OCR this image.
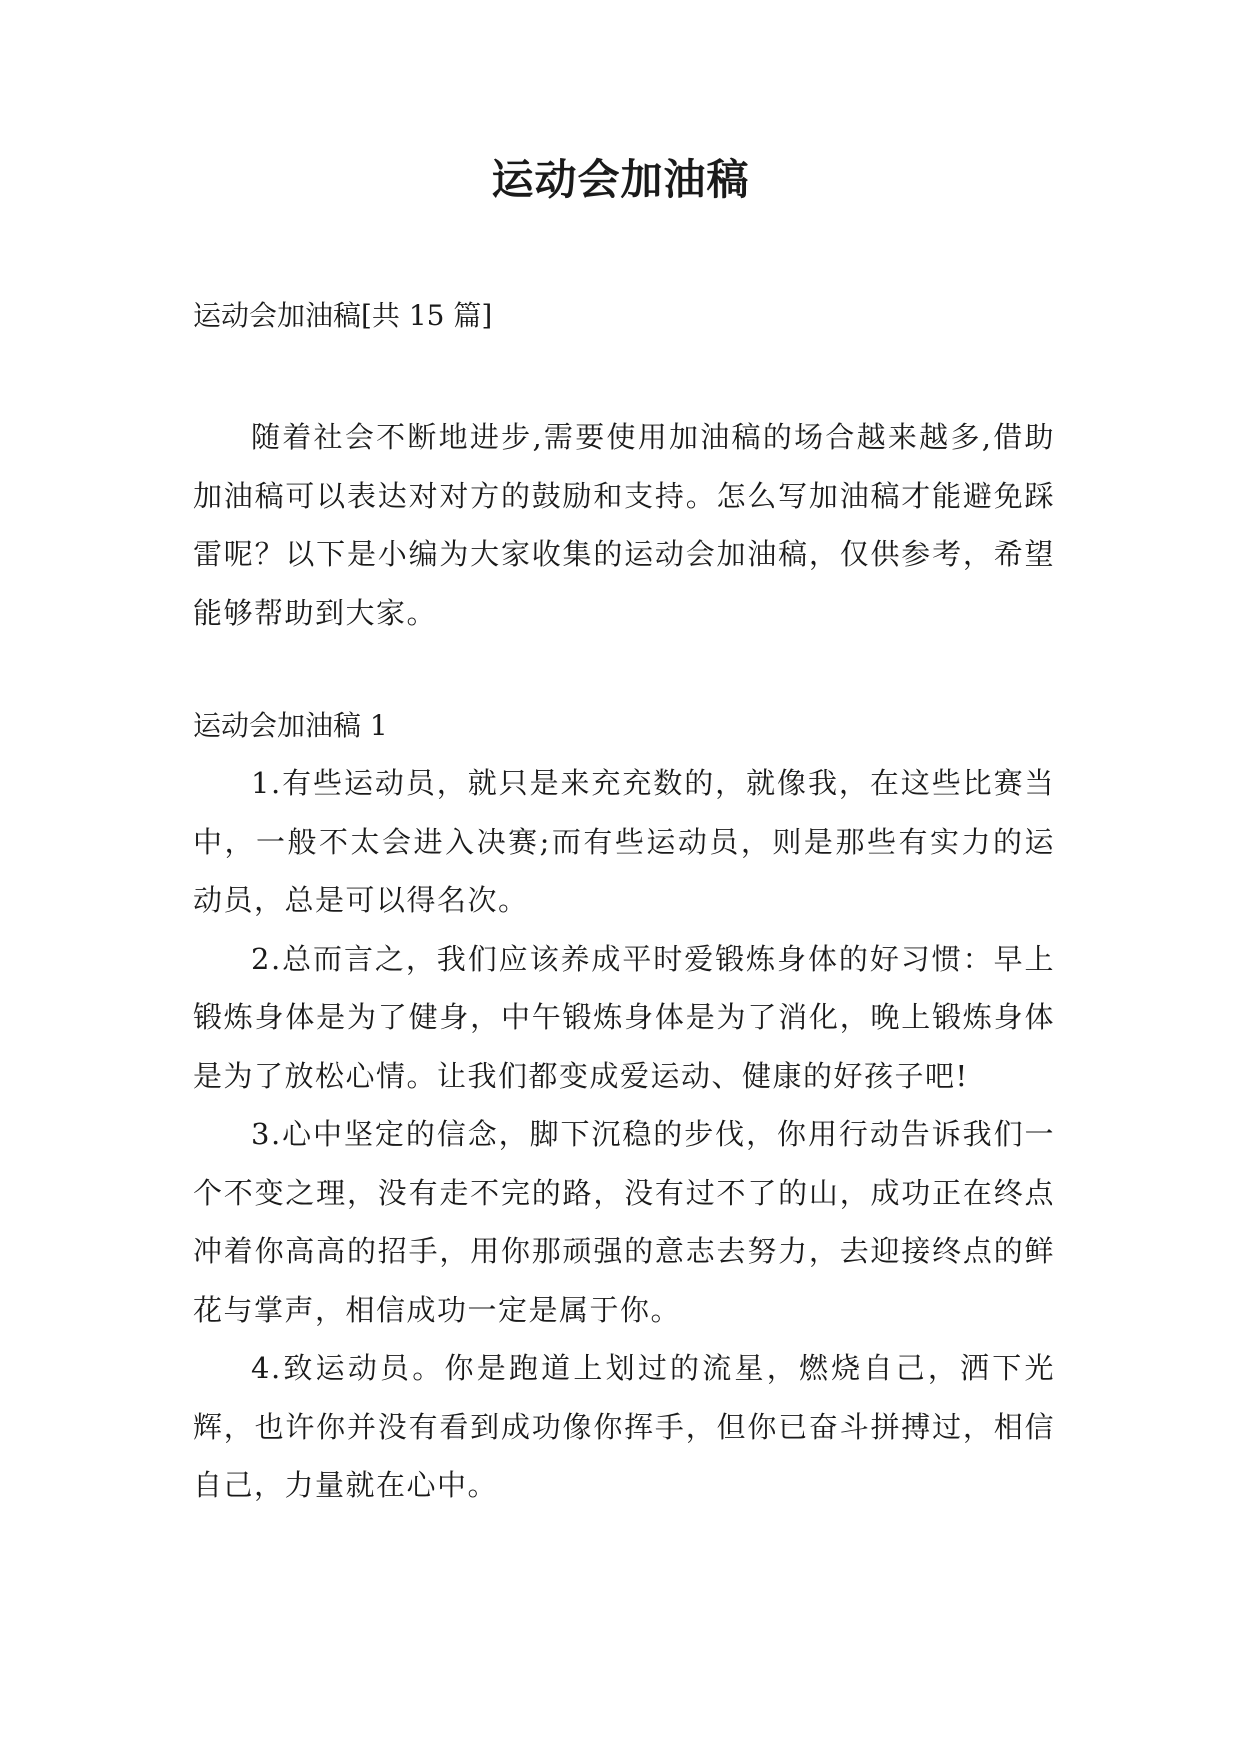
运动会加油稿
运动会加油稿[共 15 篇]

随着社会不断地进步,需要使用加油稿的场合越来越多,借助加油稿可以表达对对方的鼓励和支持。怎么写加油稿才能避免踩雷呢？以下是小编为大家收集的运动会加油稿，仅供参考，希望能够帮助到大家。

运动会加油稿 1

1.有些运动员，就只是来充充数的，就像我，在这些比赛当中，一般不太会进入决赛;而有些运动员，则是那些有实力的运动员，总是可以得名次。

2.总而言之，我们应该养成平时爱锻炼身体的好习惯：早上锻炼身体是为了健身，中午锻炼身体是为了消化，晚上锻炼身体是为了放松心情。让我们都变成爱运动、健康的好孩子吧!

3.心中坚定的信念，脚下沉稳的步伐，你用行动告诉我们一个不变之理，没有走不完的路，没有过不了的山，成功正在终点冲着你高高的招手，用你那顽强的意志去努力，去迎接终点的鲜花与掌声，相信成功一定是属于你。

4.致运动员。你是跑道上划过的流星，燃烧自己，洒下光辉，也许你并没有看到成功像你挥手，但你已奋斗拼搏过，相信自己，力量就在心中。
